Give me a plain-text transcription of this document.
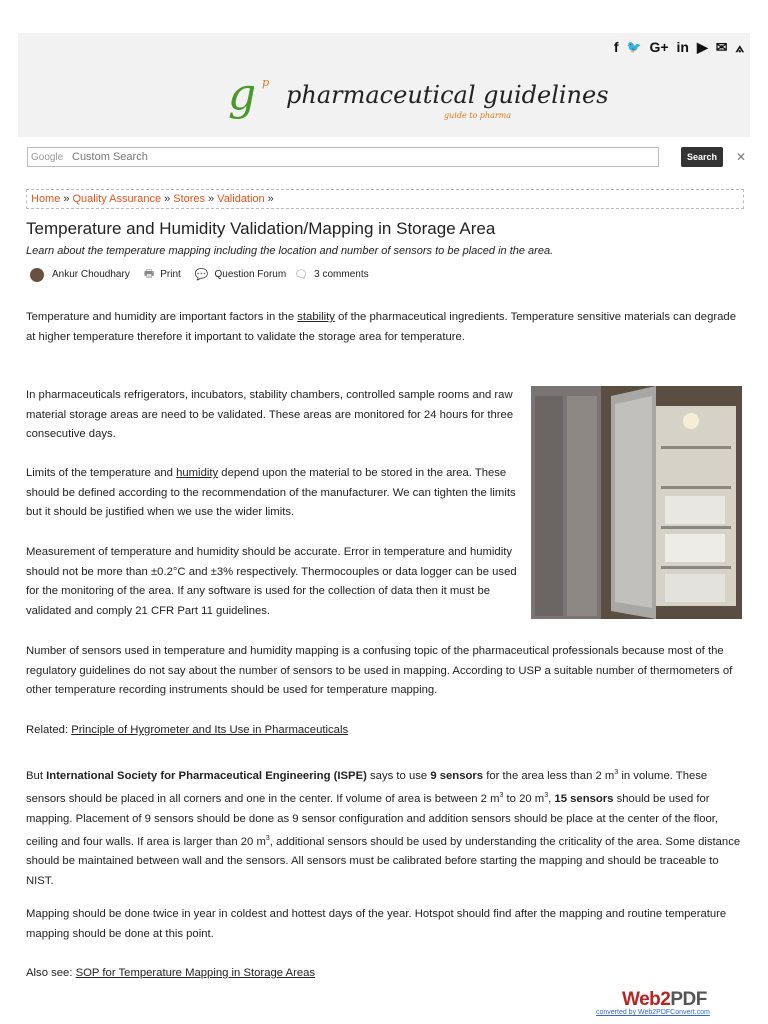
f 🐦 G+ in ▶ ✉ ⟑
p
g pharmaceutical guidelines
guide to pharma
Google
Custom Search	Search	✕
Home » Quality Assurance » Stores » Validation »
Temperature and Humidity Validation/Mapping in Storage Area
Learn about the temperature mapping including the location and number of sensors to be placed in the area.
Ankur Choudhary 🖶 Print 💬 Question Forum 🗨 3 comments
Temperature and humidity are important factors in the stability of the pharmaceutical ingredients. Temperature sensitive materials can degrade at higher temperature therefore it important to validate the storage area for temperature.
In pharmaceuticals refrigerators, incubators, stability chambers, controlled sample rooms and raw material storage areas are need to be validated. These areas are monitored for 24 hours for three consecutive days.
Limits of the temperature and humidity depend upon the material to be stored in the area. These should be defined according to the recommendation of the manufacturer. We can tighten the limits but it should be justified when we use the wider limits.
Measurement of temperature and humidity should be accurate. Error in temperature and humidity should not be more than ±0.2°C and ±3% respectively. Thermocouples or data logger can be used for the monitoring of the area. If any software is used for the collection of data then it must be validated and comply 21 CFR Part 11 guidelines.
Number of sensors used in temperature and humidity mapping is a confusing topic of the pharmaceutical professionals because most of the regulatory guidelines do not say about the number of sensors to be used in mapping. According to USP a suitable number of thermometers of other temperature recording instruments should be used for temperature mapping.
Related: Principle of Hygrometer and Its Use in Pharmaceuticals
But International Society for Pharmaceutical Engineering (ISPE) says to use 9 sensors for the area less than 2 $m^3$ in volume. These sensors should be placed in all corners and one in the center. If volume of area is between 2 $m^3$ to 20 $m^3$, 15 sensors should be used for mapping. Placement of 9 sensors should be done as 9 sensor configuration and addition sensors should be place at the center of the floor, ceiling and four walls. If area is larger than 20 $m^3$, additional sensors should be used by understanding the criticality of the area. Some distance should be maintained between wall and the sensors. All sensors must be calibrated before starting the mapping and should be traceable to NIST.
Mapping should be done twice in year in coldest and hottest days of the year. Hotspot should find after the mapping and routine temperature mapping should be done at this point.
Also see: SOP for Temperature Mapping in Storage Areas
Web2PDF
converted by Web2PDFConvert.com
